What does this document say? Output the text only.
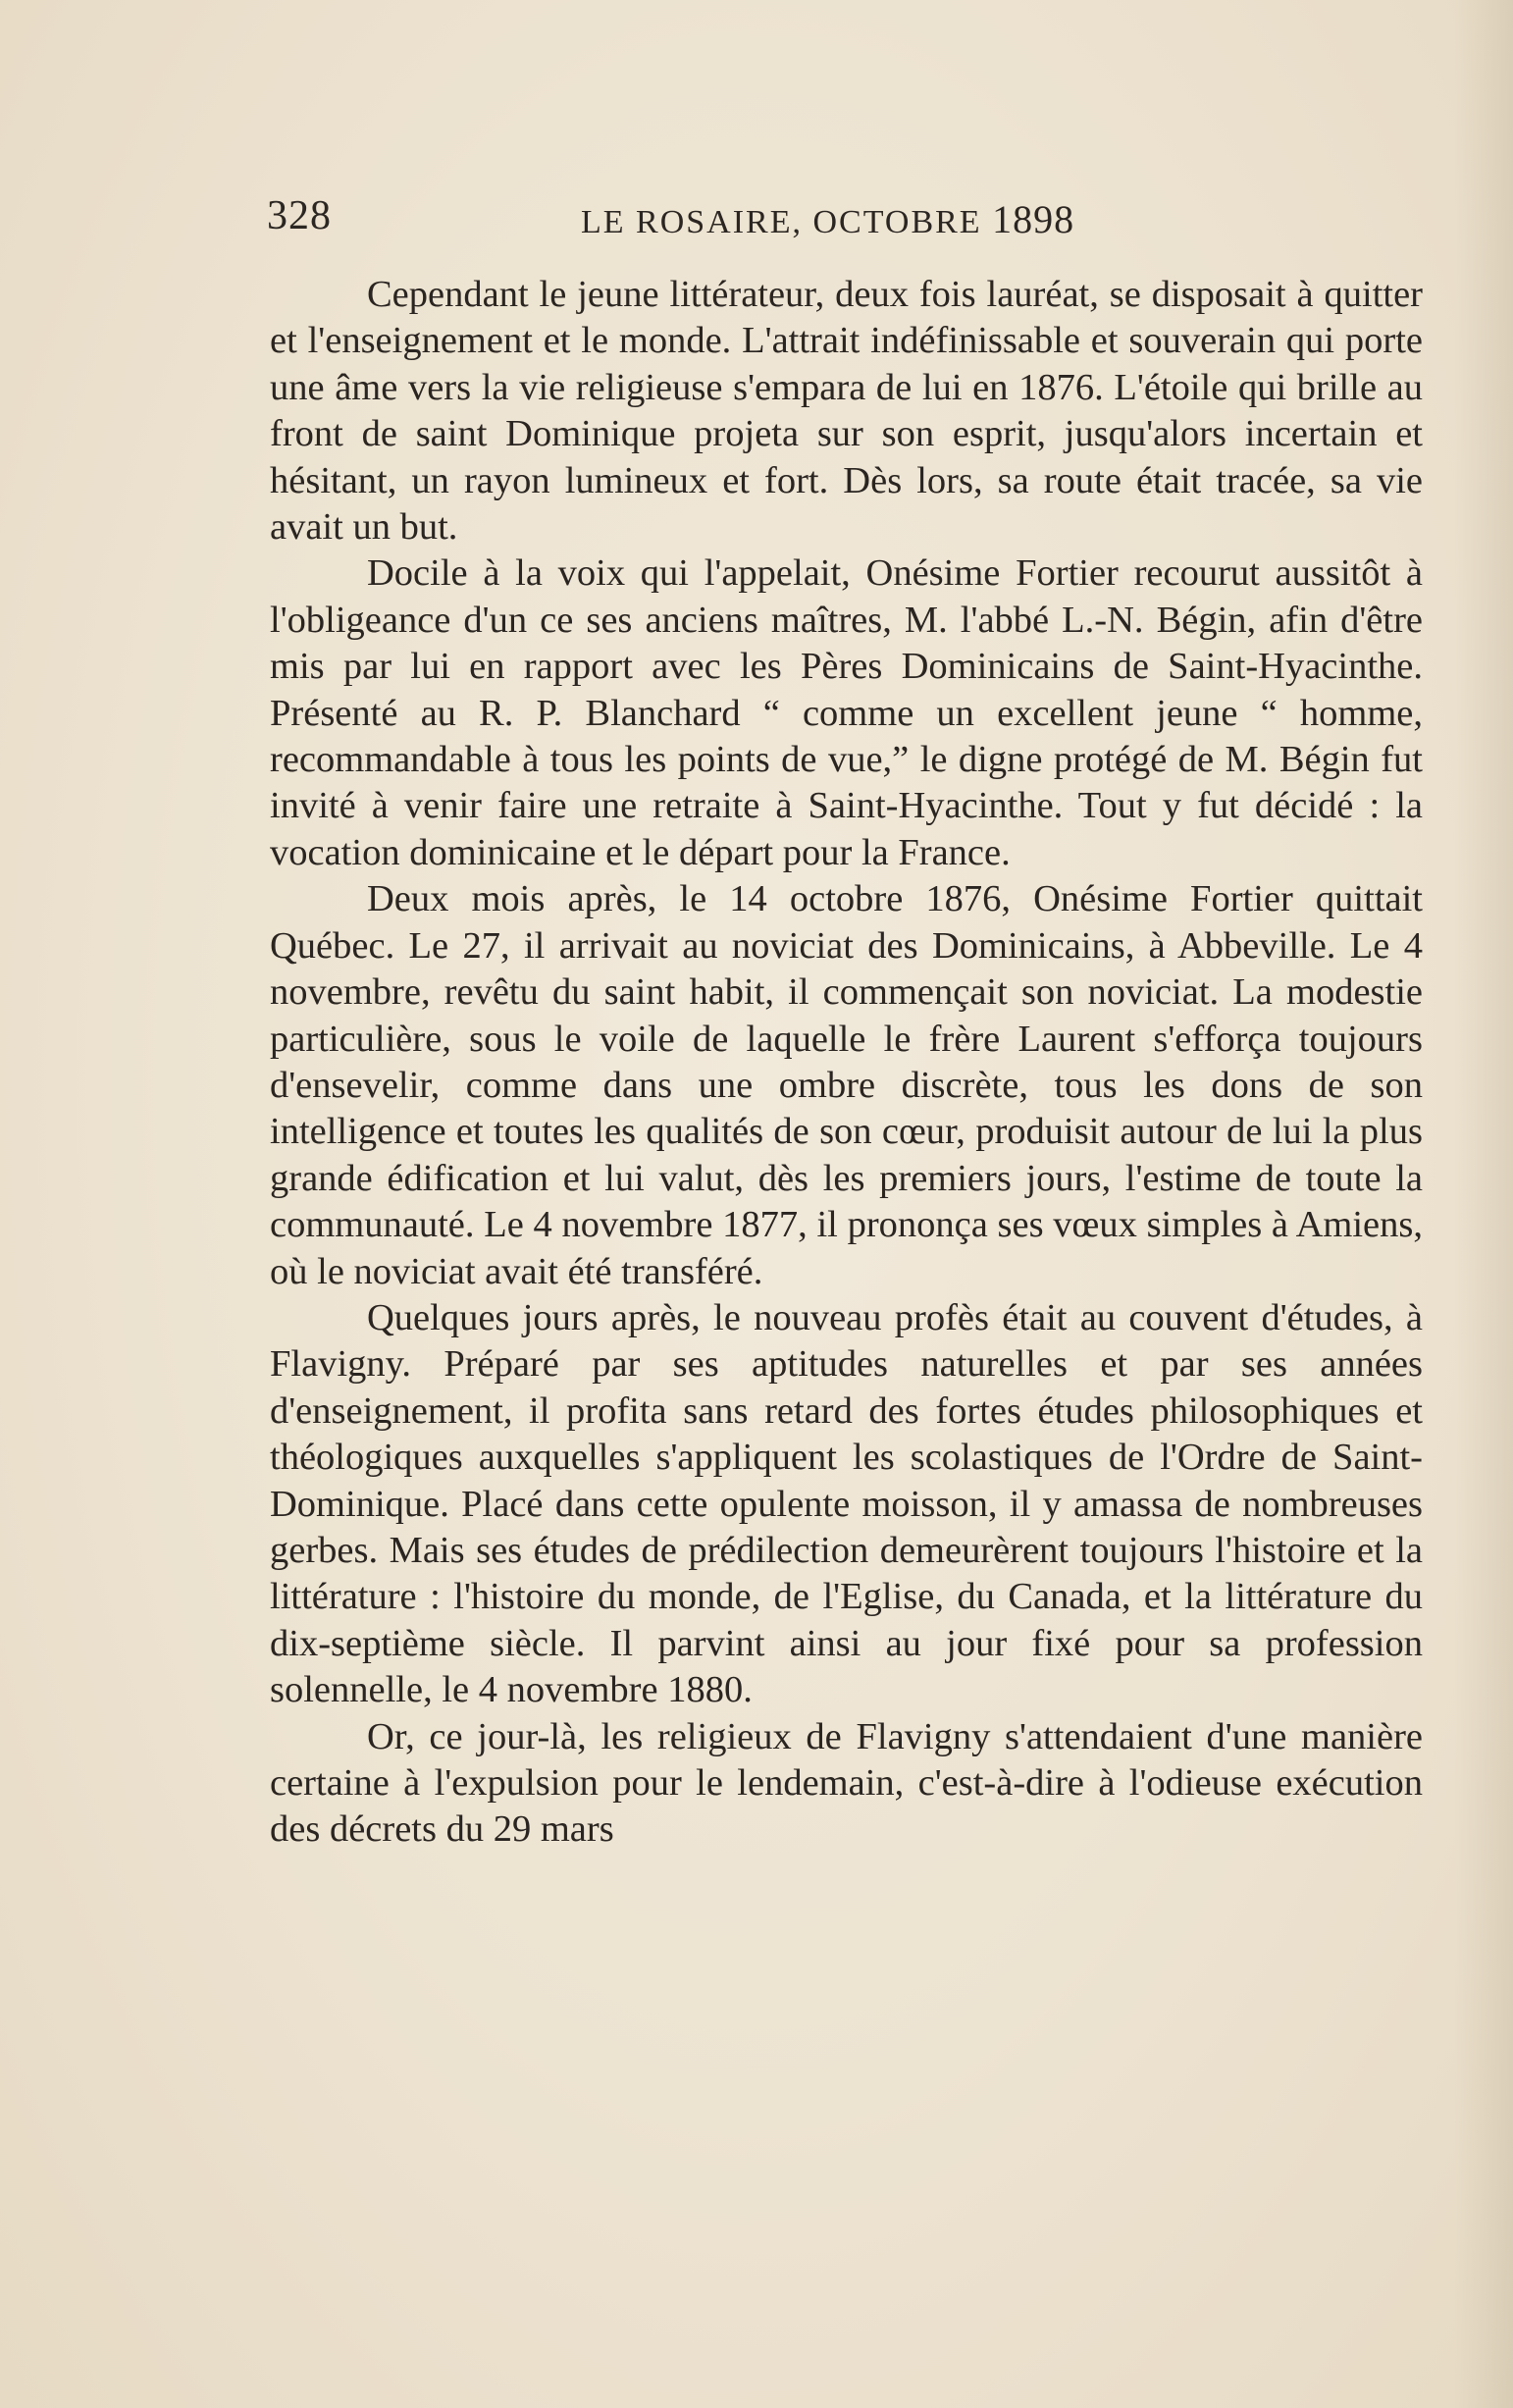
328	LE ROSAIRE, OCTOBRE 1898

Cependant le jeune littérateur, deux fois lauréat, se disposait à quitter et l'enseignement et le monde. L'attrait indéfinissable et souverain qui porte une âme vers la vie religieuse s'empara de lui en 1876. L'étoile qui brille au front de saint Dominique projeta sur son esprit, jusqu'alors incertain et hésitant, un rayon lumineux et fort. Dès lors, sa route était tracée, sa vie avait un but.

Docile à la voix qui l'appelait, Onésime Fortier recourut aussitôt à l'obligeance d'un ce ses anciens maîtres, M. l'abbé L.-N. Bégin, afin d'être mis par lui en rapport avec les Pères Dominicains de Saint-Hyacinthe. Présenté au R. P. Blanchard “ comme un excellent jeune “ homme, recommandable à tous les points de vue,” le digne protégé de M. Bégin fut invité à venir faire une retraite à Saint-Hyacinthe. Tout y fut décidé : la vocation dominicaine et le départ pour la France.

Deux mois après, le 14 octobre 1876, Onésime Fortier quittait Québec. Le 27, il arrivait au noviciat des Dominicains, à Abbeville. Le 4 novembre, revêtu du saint habit, il commençait son noviciat. La modestie particulière, sous le voile de laquelle le frère Laurent s'efforça toujours d'ensevelir, comme dans une ombre discrète, tous les dons de son intelligence et toutes les qualités de son cœur, produisit autour de lui la plus grande édification et lui valut, dès les premiers jours, l'estime de toute la communauté. Le 4 novembre 1877, il prononça ses vœux simples à Amiens, où le noviciat avait été transféré.

Quelques jours après, le nouveau profès était au couvent d'études, à Flavigny. Préparé par ses aptitudes naturelles et par ses années d'enseignement, il profita sans retard des fortes études philosophiques et théologiques auxquelles s'appliquent les scolastiques de l'Ordre de Saint-Dominique. Placé dans cette opulente moisson, il y amassa de nombreuses gerbes. Mais ses études de prédilection demeurèrent toujours l'histoire et la littérature : l'histoire du monde, de l'Eglise, du Canada, et la littérature du dix-septième siècle. Il parvint ainsi au jour fixé pour sa profession solennelle, le 4 novembre 1880.

Or, ce jour-là, les religieux de Flavigny s'attendaient d'une manière certaine à l'expulsion pour le lendemain, c'est-à-dire à l'odieuse exécution des décrets du 29 mars
